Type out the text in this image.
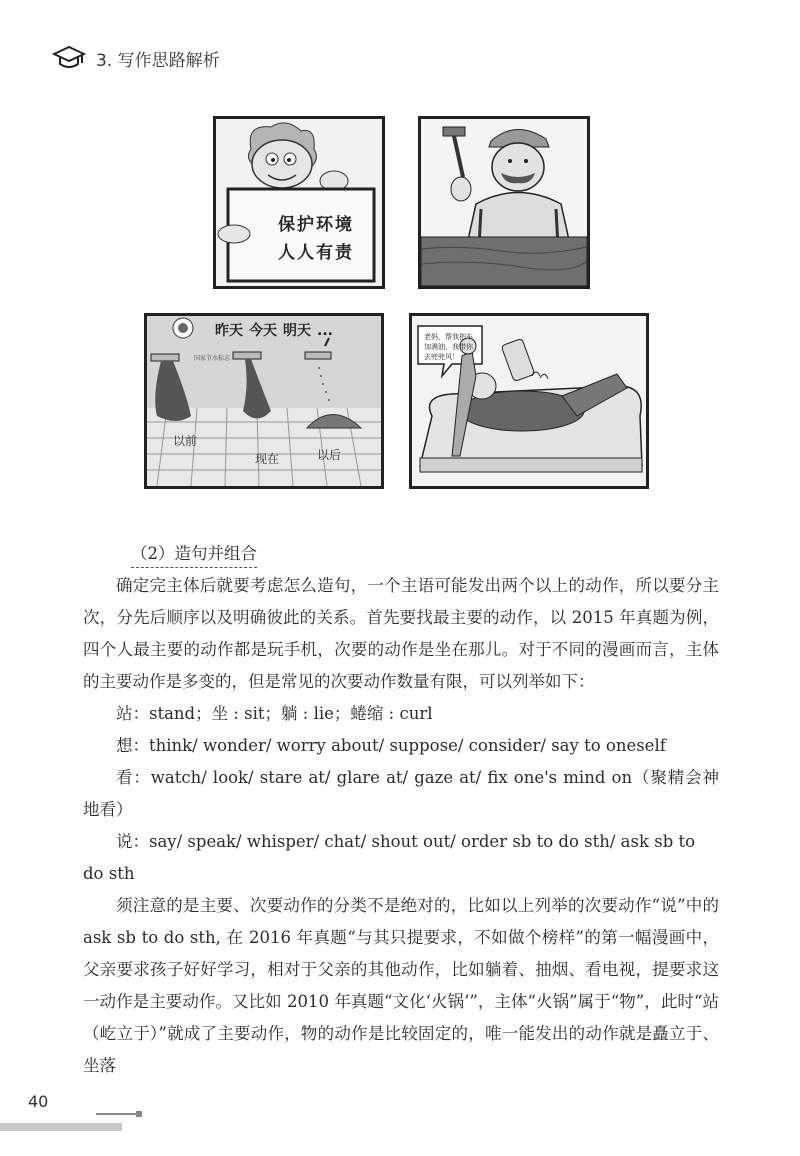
3. 写作思路解析
保护环境
人人有责
国家节水标志
昨天 今天 明天 ...
以前
现在	以后
老妈，帮我把车加满油，我带你去兜兜风！
（2）造句并组合

确定完主体后就要考虑怎么造句，一个主语可能发出两个以上的动作，所以要分主次，分先后顺序以及明确彼此的关系。首先要找最主要的动作，以 2015 年真题为例，四个人最主要的动作都是玩手机，次要的动作是坐在那儿。对于不同的漫画而言，主体的主要动作是多变的，但是常见的次要动作数量有限，可以列举如下：

站：stand；坐 : sit；躺 : lie；蜷缩 : curl

想：think/ wonder/ worry about/ suppose/ consider/ say to oneself

看：watch/ look/ stare at/ glare at/ gaze at/ fix one's mind on（聚精会神地看）

说：say/ speak/ whisper/ chat/ shout out/ order sb to do sth/ ask sb to do sth

须注意的是主要、次要动作的分类不是绝对的，比如以上列举的次要动作“说”中的 ask sb to do sth, 在 2016 年真题“与其只提要求，不如做个榜样”的第一幅漫画中，父亲要求孩子好好学习，相对于父亲的其他动作，比如躺着、抽烟、看电视，提要求这一动作是主要动作。又比如 2010 年真题“文化‘火锅’”，主体“火锅”属于“物”，此时“站（屹立于）”就成了主要动作，物的动作是比较固定的，唯一能发出的动作就是矗立于、坐落

40
